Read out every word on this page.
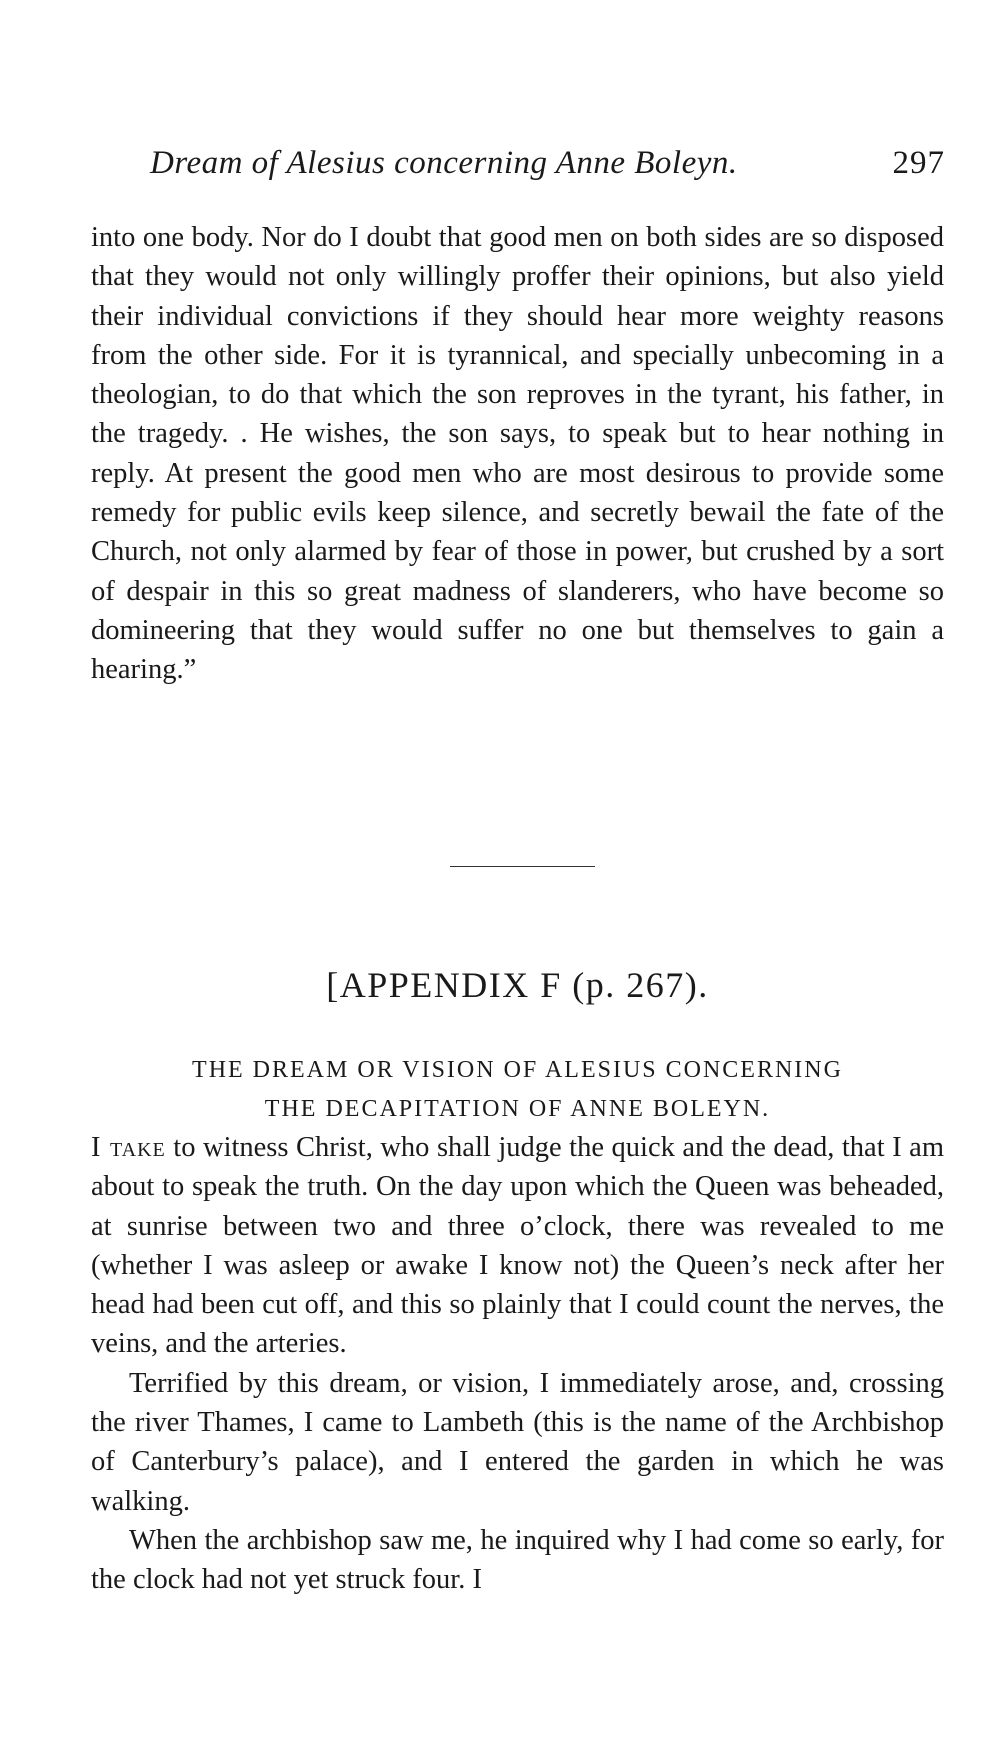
Dream of Alesius concerning Anne Boleyn.	297

into one body. Nor do I doubt that good men on both sides are so disposed that they would not only willingly proffer their opinions, but also yield their individual convictions if they should hear more weighty reasons from the other side. For it is tyrannical, and specially unbecoming in a theologian, to do that which the son reproves in the tyrant, his father, in the tragedy. . He wishes, the son says, to speak but to hear nothing in reply. At present the good men who are most desirous to provide some remedy for public evils keep silence, and secretly bewail the fate of the Church, not only alarmed by fear of those in power, but crushed by a sort of despair in this so great madness of slanderers, who have become so domineering that they would suffer no one but themselves to gain a hearing.”

[APPENDIX F (p. 267).
THE DREAM OR VISION OF ALESIUS CONCERNING
THE DECAPITATION OF ANNE BOLEYN.

I take to witness Christ, who shall judge the quick and the dead, that I am about to speak the truth. On the day upon which the Queen was beheaded, at sunrise between two and three o’clock, there was revealed to me (whether I was asleep or awake I know not) the Queen’s neck after her head had been cut off, and this so plainly that I could count the nerves, the veins, and the arteries.

Terrified by this dream, or vision, I immediately arose, and, crossing the river Thames, I came to Lambeth (this is the name of the Archbishop of Canterbury’s palace), and I entered the garden in which he was walking.

When the archbishop saw me, he inquired why I had come so early, for the clock had not yet struck four. I
